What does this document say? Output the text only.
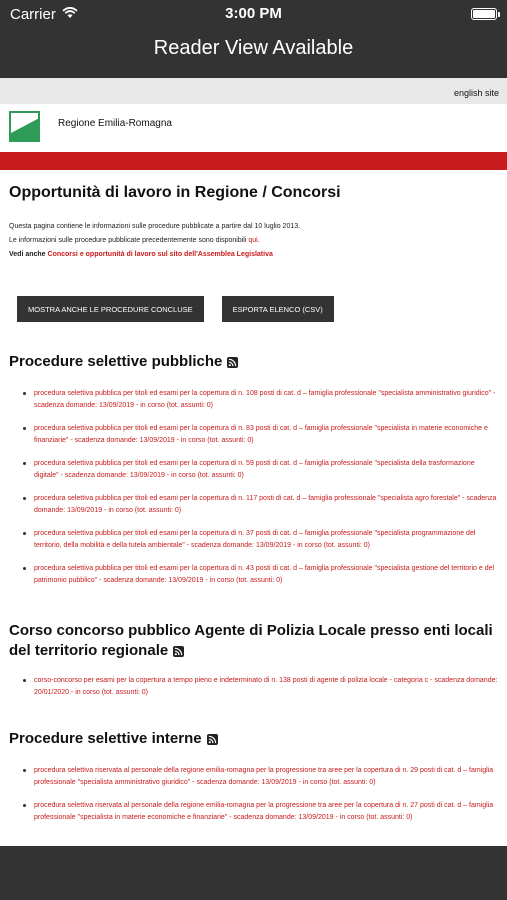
Carrier	3:00 PM
Reader View Available
english site
Regione Emilia-Romagna
Opportunità di lavoro in Regione / Concorsi
Questa pagina contiene le informazioni sulle procedure pubblicate a partire dal 10 luglio 2013.
Le informazioni sulle procedure pubblicate precedentemente sono disponibili qui.
Vedi anche Concorsi e opportunità di lavoro sul sito dell'Assemblea Legislativa
MOSTRA ANCHE LE PROCEDURE CONCLUSE	ESPORTA ELENCO (CSV)
Procedure selettive pubbliche
procedura selettiva pubblica per titoli ed esami per la copertura di n. 108 posti di cat. d – famiglia professionale "specialista amministrativo giuridico" - scadenza domande: 13/09/2019 - in corso (tot. assunti: 0)
procedura selettiva pubblica per titoli ed esami per la copertura di n. 83 posti di cat. d – famiglia professionale "specialista in materie economiche e finanziarie" - scadenza domande: 13/09/2019 - in corso (tot. assunti: 0)
procedura selettiva pubblica per titoli ed esami per la copertura di n. 59 posti di cat. d – famiglia professionale "specialista della trasformazione digitale" - scadenza domande: 13/09/2019 - in corso (tot. assunti: 0)
procedura selettiva pubblica per titoli ed esami per la copertura di n. 117 posti di cat. d – famiglia professionale "specialista agro forestale" - scadenza domande: 13/09/2019 - in corso (tot. assunti: 0)
procedura selettiva pubblica per titoli ed esami per la copertura di n. 37 posti di cat. d – famiglia professionale "specialista programmazione del territorio, della mobilità e della tutela ambientale" - scadenza domande: 13/09/2019 - in corso (tot. assunti: 0)
procedura selettiva pubblica per titoli ed esami per la copertura di n. 43 posti di cat. d – famiglia professionale "specialista gestione del territorio e del patrimonio pubblico" - scadenza domande: 13/09/2019 - in corso (tot. assunti: 0)
Corso concorso pubblico Agente di Polizia Locale presso enti locali del territorio regionale
corso-concorso per esami per la copertura a tempo pieno e indeterminato di n. 138 posti di agente di polizia locale - categoria c - scadenza domande: 20/01/2020 - in corso (tot. assunti: 0)
Procedure selettive interne
procedura selettiva riservata al personale della regione emilia-romagna per la progressione tra aree per la copertura di n. 29 posti di cat. d – famiglia professionale "specialista amministrativo giuridico" - scadenza domande: 13/09/2019 - in corso (tot. assunti: 0)
procedura selettiva riservata al personale della regione emilia-romagna per la progressione tra aree per la copertura di n. 27 posti di cat. d – famiglia professionale "specialista in materie economiche e finanziarie" - scadenza domande: 13/09/2019 - in corso (tot. assunti: 0)
